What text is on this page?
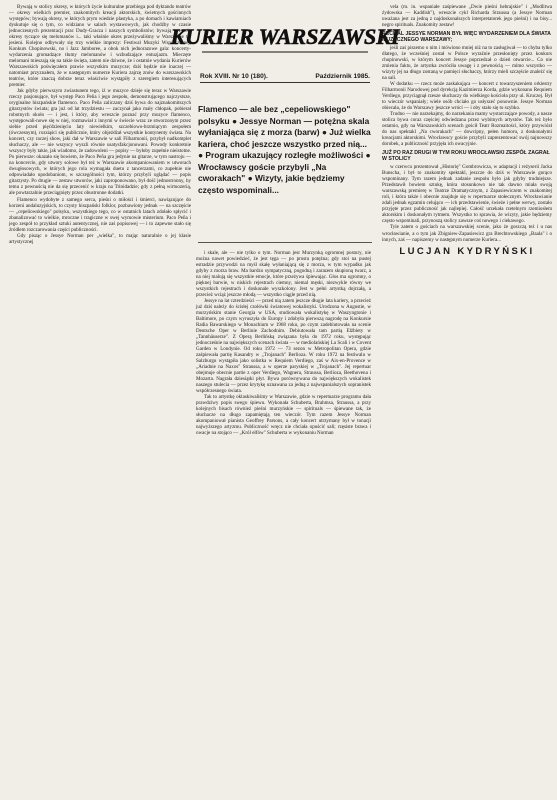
Bywają w stolicy okresy, w których życie kulturalne przebiega pod dyktando teatrów — okresy wielkich premier, znakomitych kreacji aktorskich, świetnych gościnnych występów; bywają okresy, w których prym wiedzie plastyka, a po domach i kawiarniach dyskutuje się o tym, co widziano w salach wystawowych, jak chodźby w czasie jednoczesnych prezentacji prac Dudy-Gracza i naszych symbolistów; bywają wreszcie okresy tyczące się melomanów i... taki właśnie okres przeżywaliśmy w Warszawie tej jesieni. Kolejno odbywały się trzy wielkie imprezy: Festiwal Muzyki Współczesnej, Konkurs Chopinowski, no i Jazz Jamboree, a obok nich jednorazowe gala: koncerty-wydarzenia gromadzące tłumy melomanów i wzbudzające entuzjazm. Mieczęte melomani mieszają się na takie święta, zatem nie dziwne, że i ostatnie wydania Kurierów Warszawskich poświęcałem prawie wszystkim muzycze; dziś będzie nie inaczej — natomiast przyznałem, że w następnym numerze Kuriera zajrzę znów do warszawskich teatrów, które znaczą dobrze teraz właściwie wystąpiły z szeregiem interesujących premier.

Jak gdyby pierwszym zwiastunem tego, iż w muzyce dzieje się teraz w Warszawie rzeczy pasjonujące, był występ Paco Peña i jego zespołu, demonstrującego najczystsze, oryginalne hiszpańskie flamenco. Paco Peña zaliczany dziś bywa do najznakomitszych gitarzystów świata; gra już od lat trzydziestu — zaczynał jako mały chłopak, pobierał robotnych około — i jest, i który, aby wreszcie poznać przy muzyce flamenco, występowali-nowe się w niej, rozmawiał z innymi w świecie wraz ze stworzonym przez siebie przed pięćdziesięciu laty niewielkim, szczebiowo-brzmiącym zespołem (ówczesnym), rozsiąści się publicznie, który objeżdżał wszystkie kontynenty świata. Na koncert, czy raczej show, jaki dał w Warszawie w sali Filharmonii, przybył nadkomplet słuchaczy, ale — nie wszyscy wyszli równie usatysfakcjonowani. Powody konkretnie wszyscy były takie, jak wiadomo, że zadowoleni — popisy — byłoby zupełnie nieistotne. Po pierwsze: okazało się bowiem, że Paco Peña gra jedynie na gitarze, w tym nastroju — na koncercie, gdy utwory solowe był też w Warszawie akompaniowaniem w utworach dwugłosowych, w których jego rola wymagała duetu z tancerzami, co zupełnie nie odpowiadało upodobaniom, w szczególności tym, którzy przybyli oglądać — popis gitarzysty. Po drugie — zestaw utworów, jaki zaproponowano, był dość jednostronny, by temu z pewnością nie da się przecenić w kraju na Trinidadzie; gdy z pełną wirtuozerią, ale powtarzalnie przeciągnięty przez obustronne dodatki.

Flamenco wydobyte z samego serca, pieśni o miłości i śmierci, nawiązujące do korzeni andaluzyjskich, to czysty hiszpański folklor, pozbawiony jednak — na szczęście — „cepeliowskiego" polsyku, wszystkiego tego, co w ostatnich latach zdołało spłycić i zbanalizować to wielkie, mroczne i tragiczne w swej wymowie misterium. Paco Peña i jego zespół to przykład sztuki autentycznej, nie zaś popisowej — i to zapewne stało się źródłem rozczarowania części publiczności.

Gdy pisząc o Jessye Norman per „wielka", to mając naturalnie o jej klasie artystycznej

KURIER WARSZAWSKI
Rok XVIII. Nr 10 (180).	Październik 1985.
Flamenco — ale bez „cepeliowskiego" polsyku ● Jessye Norman — potężna skala wyłaniająca się z morza (barw) ● Już wielka kariera, choć jeszcze wszystko przed nią... ● Program ukazujący rozległe możliwości ● Wrocławscy goście przybyli „Na cworakach" ● Wizyty, jakie będziemy często wspominali...

i skale, ale — nie tylko o tym. Norman jest Murzynką ogromnej postury, nie można nawet powiedzieć, że jest tęga — po prostu potężna; gdy stoi na pustej estradzie przywodzi na myśl skałę wyłaniającą się z morza, w tym wypadku jak gdyby z morza braw. Ma bardzo sympatyczną, pogodną i zarazem skupioną twarz, a na niej malują się wszystkie emocje, które przeżywa śpiewając. Głos ma ogromny, o pięknej barwie, w niskich rejestrach ciemny, niemal męski, niezwykle równy we wszystkich rejestrach i doskonale wyszkolony. Jest w pełni artystką dojrzałą, a przecież wciąż jeszcze młodą — wszystko ciągle przed nią.

Jessye na lat czterdzieści — przed nią zatem jeszcze długie lata kariery, a przecież już dziś należy do ścisłej czołówki światowej wokalistyki. Urodzona w Augustie, w murzyńskim stanie Georgia w USA, studiowała wokalistykę w Waszyngtonie i Baltimore, po czym wyruszyła do Europy i zdobyła pierwszą nagrodę na Konkursie Radia Bawarskiego w Monachium w 1968 roku, po czym zadebiutowała na scenie Deutsche Oper w Berlinie Zachodnim. Debiutowała tam partią Elżbiety w „Tannhäuserze". Z Operą Berlińską związana była do 1972 roku, występując jednocześnie na największych scenach świata — w mediolańskiej La Scali i w Covent Garden w Londynie. Od roku 1972 — 73 sezon w Metropolitan Opera, gdzie zaśpiewała partię Kasandry w „Trojanach" Berlioza. W roku 1972 na festiwalu w Salzburgu wystąpiła jako solistka w Requiem Verdiego, zaś w Aix-en-Provence w „Ariadnie na Naxos" Straussa, a w operze paryskiej w „Trojanach". Jej repertuar obejmuje obecnie partie z oper Verdiego, Wagnera, Straussa, Berlioza, Beethovena i Mozarta. Nagrała dziesiątki płyt. Bywa porównywana do największych wokalistek naszego stulecia — przez krytykę uznawana za jedną z najwspanialszych sopranistek współczesnego świata.

Tak to artystkę oklaskiwaliśmy w Warszawie, gdzie w repertuarze programu dała prawdziwy popis swego śpiewu. Wykonała Schuberta, Brahmsa, Straussa, a przy kolejnych bisach również pieśni murzyńskie — spirituals — śpiewane tak, że słuchacze na długo zapamiętają ten wieczór. Tym razem Jessye Norman akompaniował pianista Geoffrey Parsons, a cały koncert utrzymany był w tonacji najwyższego artyzmu. Publiczność wręcz nie chciała opuścić sali; rzęsiste brawa i owacje na stojąco — „Król elfów" Schuberta w wykonaniu Norman

vela (m. in. wspaniałe zaśpiewane „Dwie pieśni hebrajskie" i „Modlitwa żydowska — Kaddish"), wreszcie cykl Richarda Straussa (a Jessye Norman uważana jest za jedną z najdoskonalszych interpretatorek jego pieśni) i na bisy... negro spirituals. Znakomity zestaw!

RECITAL JESSYE NORMAN BYŁ WIĘC WYDARZENIEM DLA ŚWIATA MUZYCZNEGO WARSZAWY;

jeśli zaś piszemo o nim i mówiono mniej niż na to zasługiwał — to chyba tylko dlatego, że wcześniej został w Polsce wyraźnie przesłonięty przez konkurs chopinowski, w którym koncert Jessye poprzedzał o dzień otwarcie... Co nie zmienia faktu, że artystka zwróciła uwagę i z pewnością — mimo wszystko — wizyty jej na długo zostaną w pamięci słuchaczy, którzy mieli szczęście znaleźć się na sali.

W dodatku — rzecz może zaskakująca — koncert z towarzyszeniem orkiestry Filharmonii Narodowej pod dyrekcją Kazimierza Korda, gdzie wykonano Requiem Verdiego, przyciągnął rzesze słuchaczy do wielkiego kościoła przy ul. Kruczej. Był to wieczór wspaniały; wiele osób chciało go usłyszeć ponownie. Jessye Norman obiecała, że do Warszawy jeszcze wróci — i oby stało się to szybko.

Trudno — nie narzekajmy, do narzekania mamy wystarczające powody, a nasze stolica bywa coraz częściej odwiedzana przez wybitnych artystów. Tak też było ostatnio, gdy na Warszawskich scenach gościł Teatr Rozmaitości, który przywiózł do nas spektakl „Na cworakach" — dowcipny, pełen humoru, z doskonałymi kreacjami aktorskimi. Wrocławscy goście przybyli zaprezentować swój najnowszy dorobek, a publiczność przyjęła ich owacyjnie.

JUŻ PO RAZ DRUGI W TYM ROKU WROCŁAWSKI ZESPÓŁ ZAGRAŁ W STOLICY

w czerwcu prezentował „Historię" Gombrowicza, w adaptacji i reżyserii Jacka Bunscha, i był to znakomity spektakl, jeszcze do dziś w Warszawie gorąco wspominany. Tym razem jednak zadanie zespołu było jak gdyby trudniejsze. Przedstawił bowiem sztukę, która stosunkowo nie tak dawno miała swoją warszawską premierę w Teatrze Dramatycznym, z Zapasiewiczem w znakomitej roli, i która także i obecnie znajduje się w repertuarze stołecznym. Wrocławianie zdali jednak egzamin celująco — ich przedstawienie, świeże i pełne werwy, zostało przyjęte przez publiczność jak najlepiej. Całość urzekała rzetelnym rzemiosłem aktorskim i doskonałym rytmem. Wszystko to sprawia, że wizyty, jakie będziemy często wspominali, przynoszą stolicy zawsze coś nowego i ciekawego.

Tyle zatem o gościach na warszawskiej scenie, jako że goszczą też i u nas wrocławianie, a o tym jak Zbigniew-Zapasiewicz gra Brechtowskiego „Baala" i o innych, zaś — napiszemy w następnym numerze Kuriera...

LUCJAN KYDRYŃSKI
